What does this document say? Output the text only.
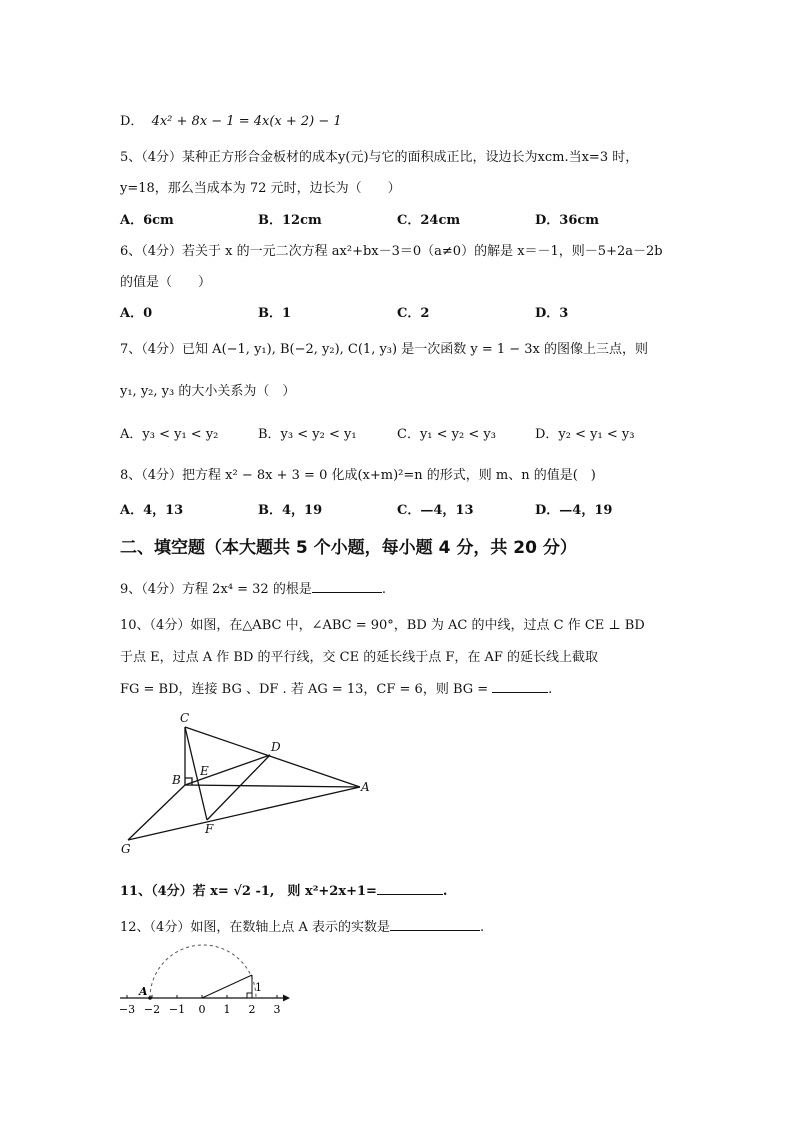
D． 4x² + 8x − 1 = 4x(x + 2) − 1
5、（4分）某种正方形合金板材的成本y(元)与它的面积成正比，设边长为xcm.当x=3 时，
y=18，那么当成本为 72 元时，边长为（　　）
A．6cm	B．12cm	C．24cm	D．36cm
6、（4分）若关于 x 的一元二次方程 ax²+bx－3＝0（a≠0）的解是 x＝－1，则－5+2a－2b
的值是（　　）
A．0	B．1	C．2	D．3
7、（4分）已知 A(−1, y₁), B(−2, y₂), C(1, y₃) 是一次函数 y = 1 − 3x 的图像上三点，则
y₁, y₂, y₃ 的大小关系为（　）
A．y₃ < y₁ < y₂	B．y₃ < y₂ < y₁	C．y₁ < y₂ < y₃	D．y₂ < y₁ < y₃
8、（4分）把方程 x² − 8x + 3 = 0 化成(x+m)²=n 的形式，则 m、n 的值是(　)
A．4，13	B．4，19	C．—4，13	D．—4，19
二、填空题（本大题共 5 个小题，每小题 4 分，共 20 分）
9、（4分）方程 2x⁴ = 32 的根是	.
10、（4分）如图，在△ABC 中，∠ABC = 90°，BD 为 AC 的中线，过点 C 作 CE ⊥ BD
于点 E，过点 A 作 BD 的平行线，交 CE 的延长线于点 F，在 AF 的延长线上截取
FG = BD，连接 BG 、DF . 若 AG = 13，CF = 6，则 BG =	.
C
D
B
E
A
F
G
11、（4分）若 x= √2 -1,　则 x²+2x+1=	.
12、（4分）如图，在数轴上点 A 表示的实数是	.
A	1
−3 −2 −1 0 1 2 3
